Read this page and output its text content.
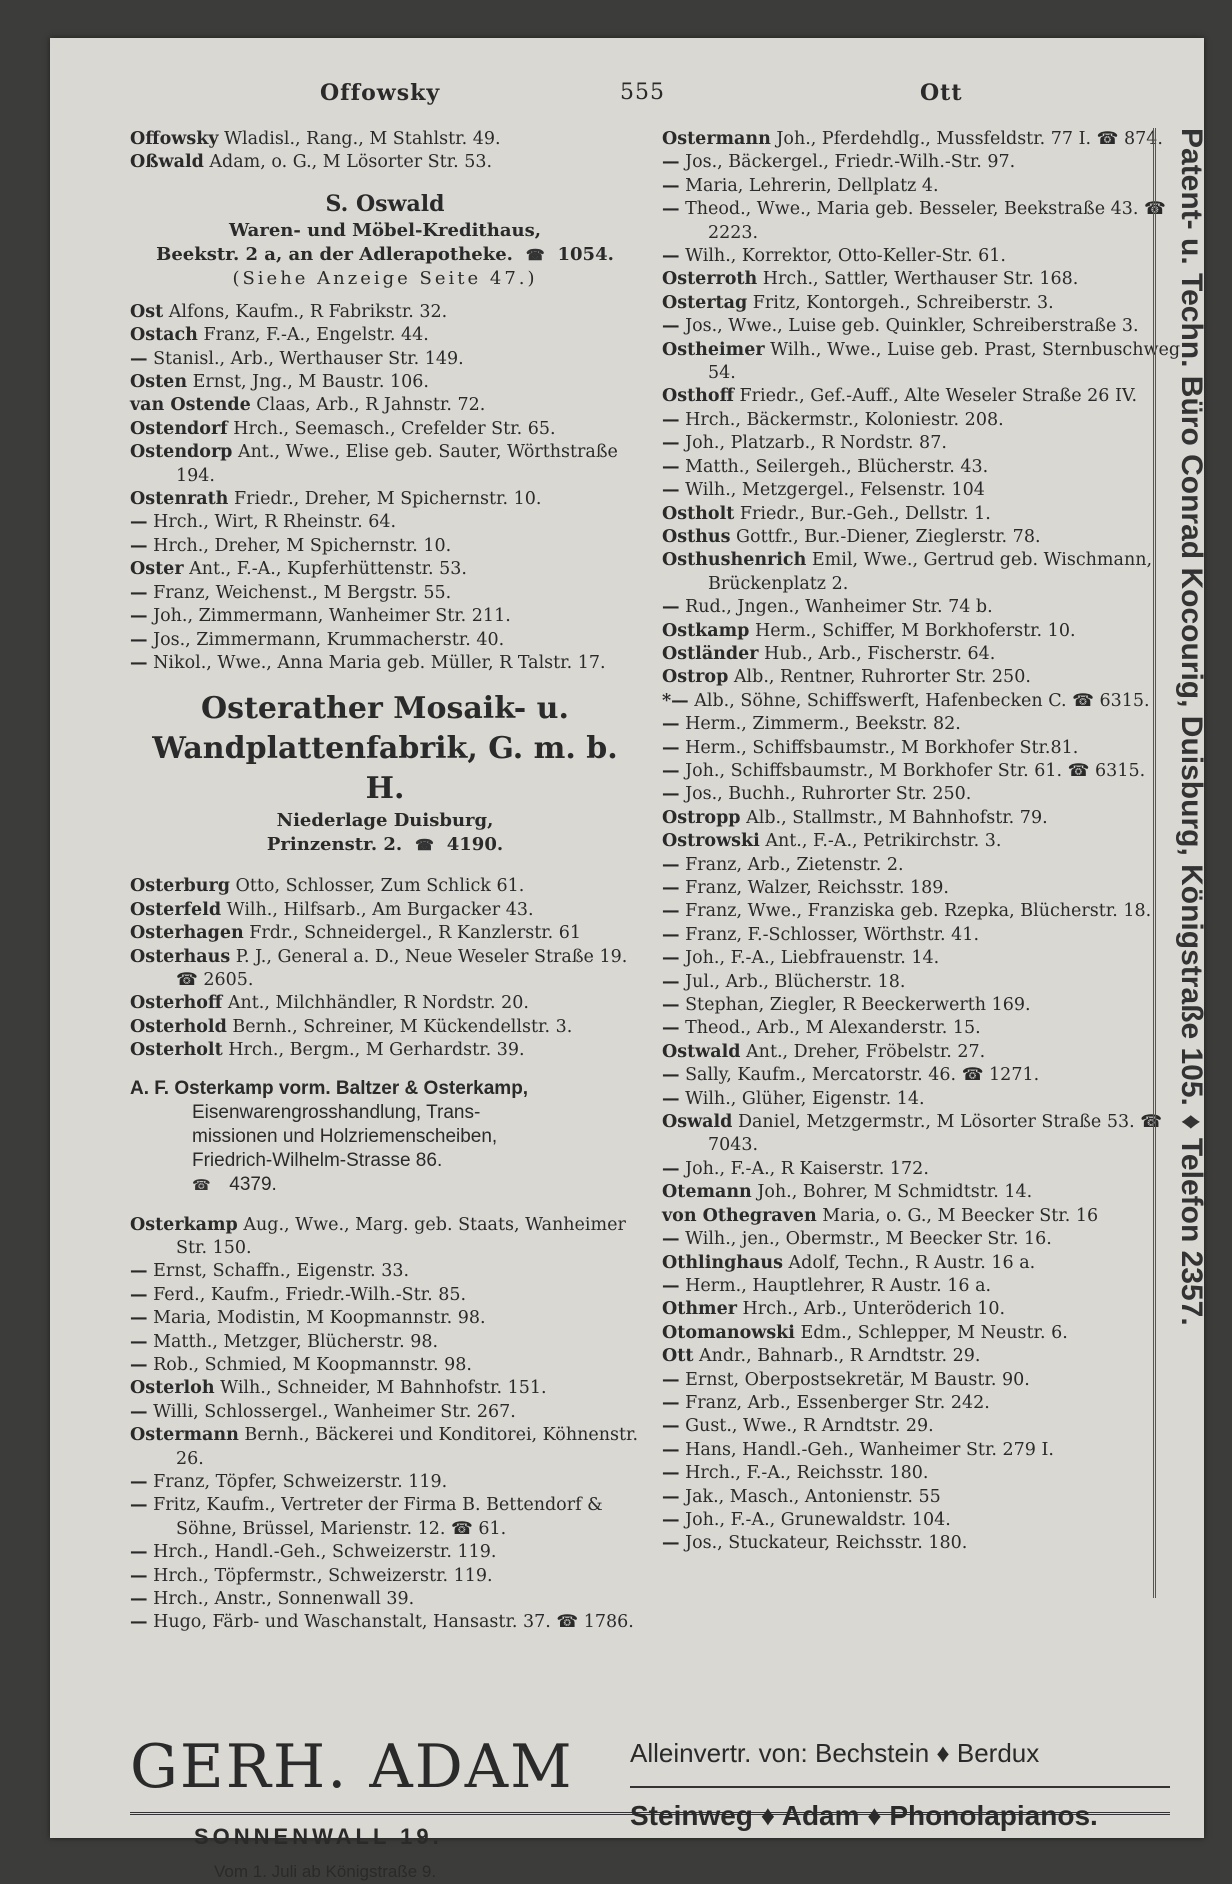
Offowsky	555	Ott

Offowsky Wladisl., Rang., M Stahlstr. 49.

Oßwald Adam, o. G., M Lösorter Str. 53.

S. Oswald
Waren- und Möbel-Kredithaus,
Beekstr. 2 a, an der Adlerapotheke. ☎ 1054.
(Siehe Anzeige Seite 47.)

Ost Alfons, Kaufm., R Fabrikstr. 32.

Ostach Franz, F.-A., Engelstr. 44.

— Stanisl., Arb., Werthauser Str. 149.

Osten Ernst, Jng., M Baustr. 106.

van Ostende Claas, Arb., R Jahnstr. 72.

Ostendorf Hrch., Seemasch., Crefelder Str. 65.

Ostendorp Ant., Wwe., Elise geb. Sauter, Wörthstraße 194.

Ostenrath Friedr., Dreher, M Spichernstr. 10.

— Hrch., Wirt, R Rheinstr. 64.

— Hrch., Dreher, M Spichernstr. 10.

Oster Ant., F.-A., Kupferhüttenstr. 53.

— Franz, Weichenst., M Bergstr. 55.

— Joh., Zimmermann, Wanheimer Str. 211.

— Jos., Zimmermann, Krummacherstr. 40.

— Nikol., Wwe., Anna Maria geb. Müller, R Talstr. 17.

Osterather Mosaik- u. Wandplattenfabrik, G. m. b. H.
Niederlage Duisburg,
Prinzenstr. 2. ☎ 4190.

Osterburg Otto, Schlosser, Zum Schlick 61.

Osterfeld Wilh., Hilfsarb., Am Burgacker 43.

Osterhagen Frdr., Schneidergel., R Kanzlerstr. 61

Osterhaus P. J., General a. D., Neue Weseler Straße 19. ☎ 2605.

Osterhoff Ant., Milchhändler, R Nordstr. 20.

Osterhold Bernh., Schreiner, M Kückendellstr. 3.

Osterholt Hrch., Bergm., M Gerhardstr. 39.

A. F. Osterkamp vorm. Baltzer & Osterkamp,
Eisenwarengrosshandlung, Trans-
missionen und Holzriemenscheiben,
Friedrich-Wilhelm-Strasse 86.
☎ 4379.

Osterkamp Aug., Wwe., Marg. geb. Staats, Wanheimer Str. 150.

— Ernst, Schaffn., Eigenstr. 33.

— Ferd., Kaufm., Friedr.-Wilh.-Str. 85.

— Maria, Modistin, M Koopmannstr. 98.

— Matth., Metzger, Blücherstr. 98.

— Rob., Schmied, M Koopmannstr. 98.

Osterloh Wilh., Schneider, M Bahnhofstr. 151.

— Willi, Schlossergel., Wanheimer Str. 267.

Ostermann Bernh., Bäckerei und Konditorei, Köhnenstr. 26.

— Franz, Töpfer, Schweizerstr. 119.

— Fritz, Kaufm., Vertreter der Firma B. Bettendorf & Söhne, Brüssel, Marienstr. 12. ☎ 61.

— Hrch., Handl.-Geh., Schweizerstr. 119.

— Hrch., Töpfermstr., Schweizerstr. 119.

— Hrch., Anstr., Sonnenwall 39.

— Hugo, Färb- und Waschanstalt, Hansastr. 37. ☎ 1786.

Ostermann Joh., Pferdehdlg., Mussfeldstr. 77 I. ☎ 874.

— Jos., Bäckergel., Friedr.-Wilh.-Str. 97.

— Maria, Lehrerin, Dellplatz 4.

— Theod., Wwe., Maria geb. Besseler, Beekstraße 43. ☎ 2223.

— Wilh., Korrektor, Otto-Keller-Str. 61.

Osterroth Hrch., Sattler, Werthauser Str. 168.

Ostertag Fritz, Kontorgeh., Schreiberstr. 3.

— Jos., Wwe., Luise geb. Quinkler, Schreiberstraße 3.

Ostheimer Wilh., Wwe., Luise geb. Prast, Sternbuschweg 54.

Osthoff Friedr., Gef.-Auff., Alte Weseler Straße 26 IV.

— Hrch., Bäckermstr., Koloniestr. 208.

— Joh., Platzarb., R Nordstr. 87.

— Matth., Seilergeh., Blücherstr. 43.

— Wilh., Metzgergel., Felsenstr. 104

Ostholt Friedr., Bur.-Geh., Dellstr. 1.

Osthus Gottfr., Bur.-Diener, Zieglerstr. 78.

Osthushenrich Emil, Wwe., Gertrud geb. Wischmann, Brückenplatz 2.

— Rud., Jngen., Wanheimer Str. 74 b.

Ostkamp Herm., Schiffer, M Borkhoferstr. 10.

Ostländer Hub., Arb., Fischerstr. 64.

Ostrop Alb., Rentner, Ruhrorter Str. 250.

*— Alb., Söhne, Schiffswerft, Hafenbecken C. ☎ 6315.

— Herm., Zimmerm., Beekstr. 82.

— Herm., Schiffsbaumstr., M Borkhofer Str.81.

— Joh., Schiffsbaumstr., M Borkhofer Str. 61. ☎ 6315.

— Jos., Buchh., Ruhrorter Str. 250.

Ostropp Alb., Stallmstr., M Bahnhofstr. 79.

Ostrowski Ant., F.-A., Petrikirchstr. 3.

— Franz, Arb., Zietenstr. 2.

— Franz, Walzer, Reichsstr. 189.

— Franz, Wwe., Franziska geb. Rzepka, Blücherstr. 18.

— Franz, F.-Schlosser, Wörthstr. 41.

— Joh., F.-A., Liebfrauenstr. 14.

— Jul., Arb., Blücherstr. 18.

— Stephan, Ziegler, R Beeckerwerth 169.

— Theod., Arb., M Alexanderstr. 15.

Ostwald Ant., Dreher, Fröbelstr. 27.

— Sally, Kaufm., Mercatorstr. 46. ☎ 1271.

— Wilh., Glüher, Eigenstr. 14.

Oswald Daniel, Metzgermstr., M Lösorter Straße 53. ☎ 7043.

— Joh., F.-A., R Kaiserstr. 172.

Otemann Joh., Bohrer, M Schmidtstr. 14.

von Othegraven Maria, o. G., M Beecker Str. 16

— Wilh., jen., Obermstr., M Beecker Str. 16.

Othlinghaus Adolf, Techn., R Austr. 16 a.

— Herm., Hauptlehrer, R Austr. 16 a.

Othmer Hrch., Arb., Unteröderich 10.

Otomanowski Edm., Schlepper, M Neustr. 6.

Ott Andr., Bahnarb., R Arndtstr. 29.

— Ernst, Oberpostsekretär, M Baustr. 90.

— Franz, Arb., Essenberger Str. 242.

— Gust., Wwe., R Arndtstr. 29.

— Hans, Handl.-Geh., Wanheimer Str. 279 I.

— Hrch., F.-A., Reichsstr. 180.

— Jak., Masch., Antonienstr. 55

— Joh., F.-A., Grunewaldstr. 104.

— Jos., Stuckateur, Reichsstr. 180.

Patent- u. Techn. Büro Conrad Kocourig, Duisburg, Königstraße 105. ♦ Telefon 2357.
GERH. ADAM
SONNENWALL 19.
Vom 1. Juli ab Königstraße 9.
Alleinvertr. von: Bechstein ♦ Berdux
Steinweg ♦ Adam ♦ Phonolapianos.
